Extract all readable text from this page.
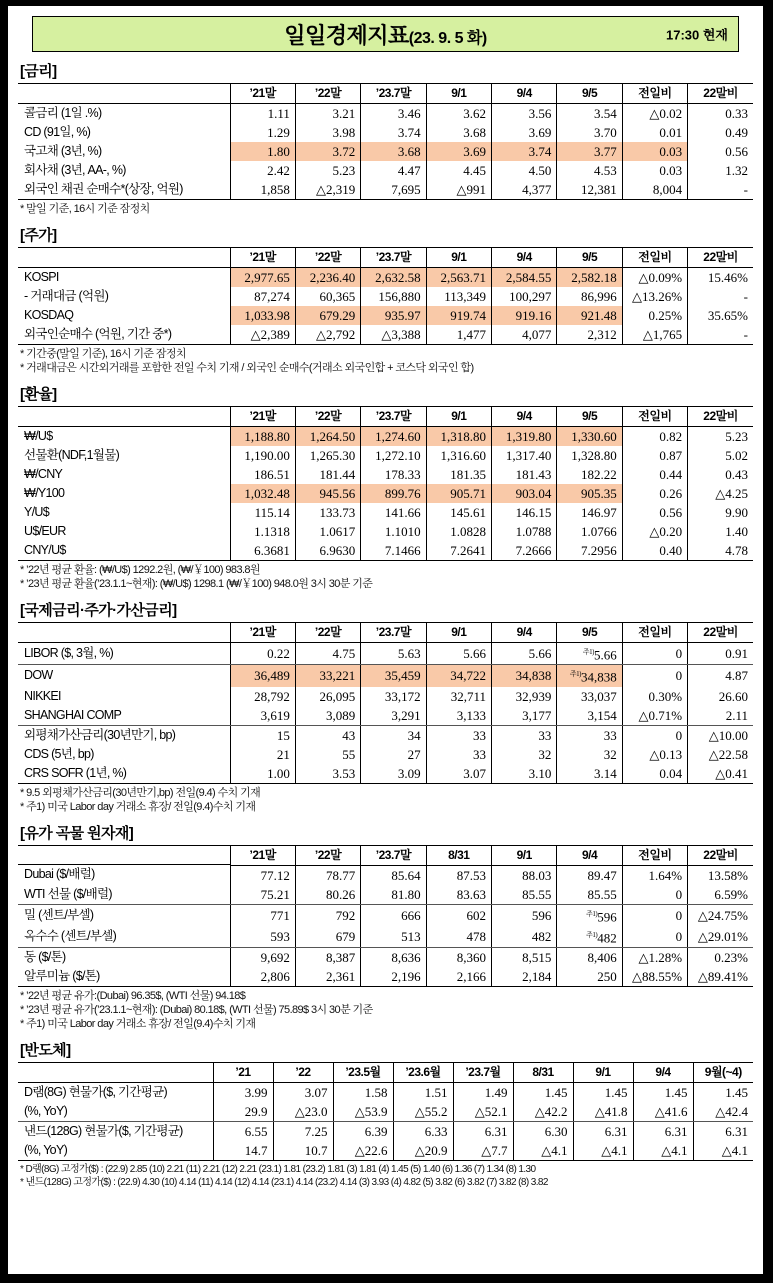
일일경제지표(23. 9. 5 화)	17:30 현재
[금리]
	’21말	’22말	’23.7말	9/1	9/4	9/5	전일비	22말비
콜금리 (1일 .%)	1.11	3.21	3.46	3.62	3.56	3.54	△0.02	0.33
CD (91일, %)	1.29	3.98	3.74	3.68	3.69	3.70	0.01	0.49
국고채 (3년, %)	1.80	3.72	3.68	3.69	3.74	3.77	0.03	0.56
회사채 (3년, AA-, %)	2.42	5.23	4.47	4.45	4.50	4.53	0.03	1.32
외국인 채권 순매수*(상장, 억원)	1,858	△2,319	7,695	△991	4,377	12,381	8,004	-
* 말일 기준, 16시 기준 잠정치
[주가]
	’21말	’22말	’23.7말	9/1	9/4	9/5	전일비	22말비
KOSPI	2,977.65	2,236.40	2,632.58	2,563.71	2,584.55	2,582.18	△0.09%	15.46%
- 거래대금 (억원)	87,274	60,365	156,880	113,349	100,297	86,996	△13.26%	-
KOSDAQ	1,033.98	679.29	935.97	919.74	919.16	921.48	0.25%	35.65%
외국인순매수 (억원, 기간 중*)	△2,389	△2,792	△3,388	1,477	4,077	2,312	△1,765	-
* 기간중(말일 기준), 16시 기준 잠정치
* 거래대금은 시간외거래를 포함한 전일 수치 기재 / 외국인 순매수(거래소 외국인합 + 코스닥 외국인 합)
[환율]
	’21말	’22말	’23.7말	9/1	9/4	9/5	전일비	22말비
₩/U$	1,188.80	1,264.50	1,274.60	1,318.80	1,319.80	1,330.60	0.82	5.23
선물환(NDF,1월물)	1,190.00	1,265.30	1,272.10	1,316.60	1,317.40	1,328.80	0.87	5.02
₩/CNY	186.51	181.44	178.33	181.35	181.43	182.22	0.44	0.43
₩/Y100	1,032.48	945.56	899.76	905.71	903.04	905.35	0.26	△4.25
Y/U$	115.14	133.73	141.66	145.61	146.15	146.97	0.56	9.90
U$/EUR	1.1318	1.0617	1.1010	1.0828	1.0788	1.0766	△0.20	1.40
CNY/U$	6.3681	6.9630	7.1466	7.2641	7.2666	7.2956	0.40	4.78
* ’22년 평균 환율: (₩/U$) 1292.2원, (₩/￥100) 983.8원
* ’23년 평균 환율(’23.1.1~현재): (₩/U$) 1298.1 (₩/￥100) 948.0원 3시 30분 기준
[국제금리·주가·가산금리]
	’21말	’22말	’23.7말	9/1	9/4	9/5	전일비	22말비
LIBOR ($, 3월, %)	0.22	4.75	5.63	5.66	5.66	$^{주1)}$5.66	0	0.91
DOW	36,489	33,221	35,459	34,722	34,838	$^{주1)}$34,838	0	4.87
NIKKEI	28,792	26,095	33,172	32,711	32,939	33,037	0.30%	26.60
SHANGHAI COMP	3,619	3,089	3,291	3,133	3,177	3,154	△0.71%	2.11
외평채가산금리(30년만기, bp)	15	43	34	33	33	33	0	△10.00
CDS (5년, bp)	21	55	27	33	32	32	△0.13	△22.58
CRS SOFR (1년, %)	1.00	3.53	3.09	3.07	3.10	3.14	0.04	△0.41
* 9.5 외평채가산금리(30년만기,bp) 전일(9.4) 수치 기재
* 주1) 미국 Labor day 거래소 휴장/ 전일(9.4)수치 기재
[유가 곡물 원자재]
	’21말	’22말	’23.7말	8/31	9/1	9/4	전일비	22말비
Dubai ($/배럴)	77.12	78.77	85.64	87.53	88.03	89.47	1.64%	13.58%
WTI 선물 ($/배럴)	75.21	80.26	81.80	83.63	85.55	85.55	0	6.59%
밀 (센트/부셀)	771	792	666	602	596	$^{주1)}$596	0	△24.75%
옥수수 (센트/부셀)	593	679	513	478	482	$^{주1)}$482	0	△29.01%
동 ($/톤)	9,692	8,387	8,636	8,360	8,515	8,406	△1.28%	0.23%
알루미늄 ($/톤)	2,806	2,361	2,196	2,166	2,184	250	△88.55%	△89.41%
* ’22년 평균 유가:(Dubai) 96.35$, (WTI 선물) 94.18$
* ’23년 평균 유가(’23.1.1~현재): (Dubai) 80.18$, (WTI 선물) 75.89$ 3시 30분 기준
* 주1) 미국 Labor day 거래소 휴장/ 전일(9.4)수치 기재
[반도체]
	’21	’22	’23.5월	’23.6월	’23.7월	8/31	9/1	9/4	9월(~4)
D램(8G) 현물가($, 기간평균)	3.99	3.07	1.58	1.51	1.49	1.45	1.45	1.45	1.45
(%, YoY)	29.9	△23.0	△53.9	△55.2	△52.1	△42.2	△41.8	△41.6	△42.4
낸드(128G) 현물가($, 기간평균)	6.55	7.25	6.39	6.33	6.31	6.30	6.31	6.31	6.31
(%, YoY)	14.7	10.7	△22.6	△20.9	△7.7	△4.1	△4.1	△4.1	△4.1
* D램(8G) 고정가($) : (22.9) 2.85 (10) 2.21 (11) 2.21 (12) 2.21 (23.1) 1.81 (23.2) 1.81 (3) 1.81 (4) 1.45 (5) 1.40 (6) 1.36 (7) 1.34 (8) 1.30
* 낸드(128G) 고정가($) : (22.9) 4.30 (10) 4.14 (11) 4.14 (12) 4.14 (23.1) 4.14 (23.2) 4.14 (3) 3.93 (4) 4.82 (5) 3.82 (6) 3.82 (7) 3.82 (8) 3.82
